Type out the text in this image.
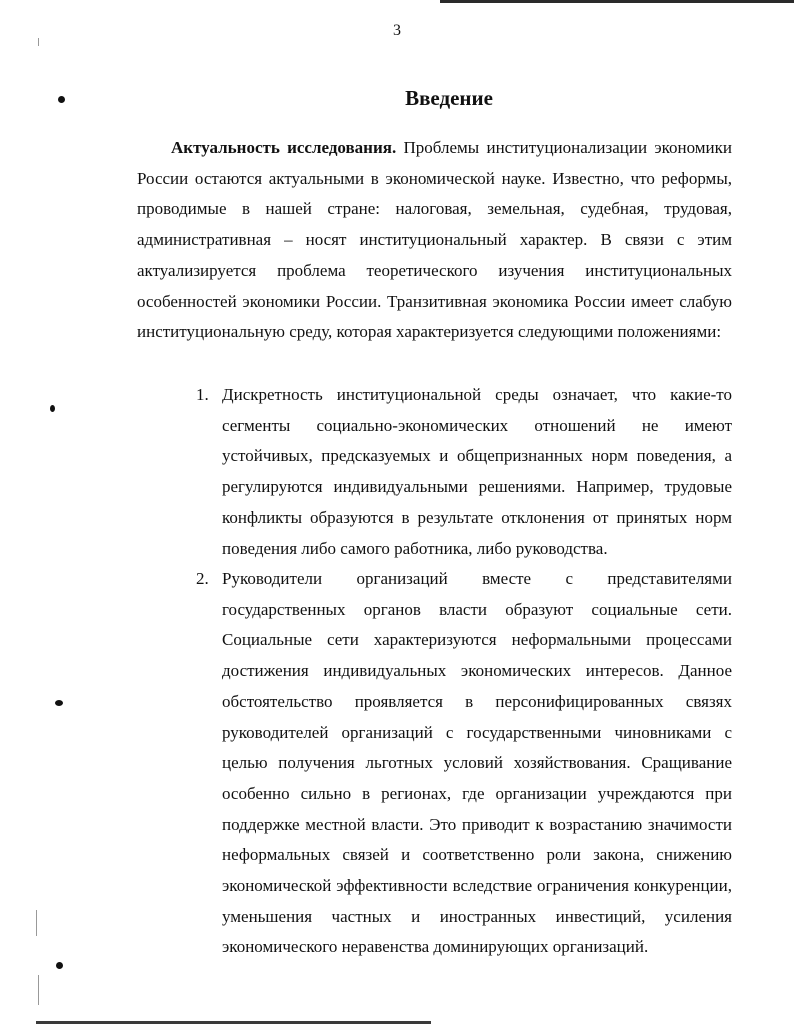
3
Введение

Актуальность исследования. Проблемы институционализации экономики России остаются актуальными в экономической науке. Известно, что реформы, проводимые в нашей стране: налоговая, земельная, судебная, трудовая, административная – носят институциональный характер. В связи с этим актуализируется проблема теоретического изучения институциональных особенностей экономики России. Транзитивная экономика России имеет слабую институциональную среду, которая характеризуется следующими положениями:

1. Дискретность институциональной среды означает, что какие-то сегменты социально-экономических отношений не имеют устойчивых, предсказуемых и общепризнанных норм поведения, а регулируются индивидуальными решениями. Например, трудовые конфликты образуются в результате отклонения от принятых норм поведения либо самого работника, либо руководства.
2. Руководители организаций вместе с представителями государственных органов власти образуют социальные сети. Социальные сети характеризуются неформальными процессами достижения индивидуальных экономических интересов. Данное обстоятельство проявляется в персонифицированных связях руководителей организаций с государственными чиновниками с целью получения льготных условий хозяйствования. Сращивание особенно сильно в регионах, где организации учреждаются при поддержке местной власти. Это приводит к возрастанию значимости неформальных связей и соответственно роли закона, снижению экономической эффективности вследствие ограничения конкуренции, уменьшения частных и иностранных инвестиций, усиления экономического неравенства доминирующих организаций.
